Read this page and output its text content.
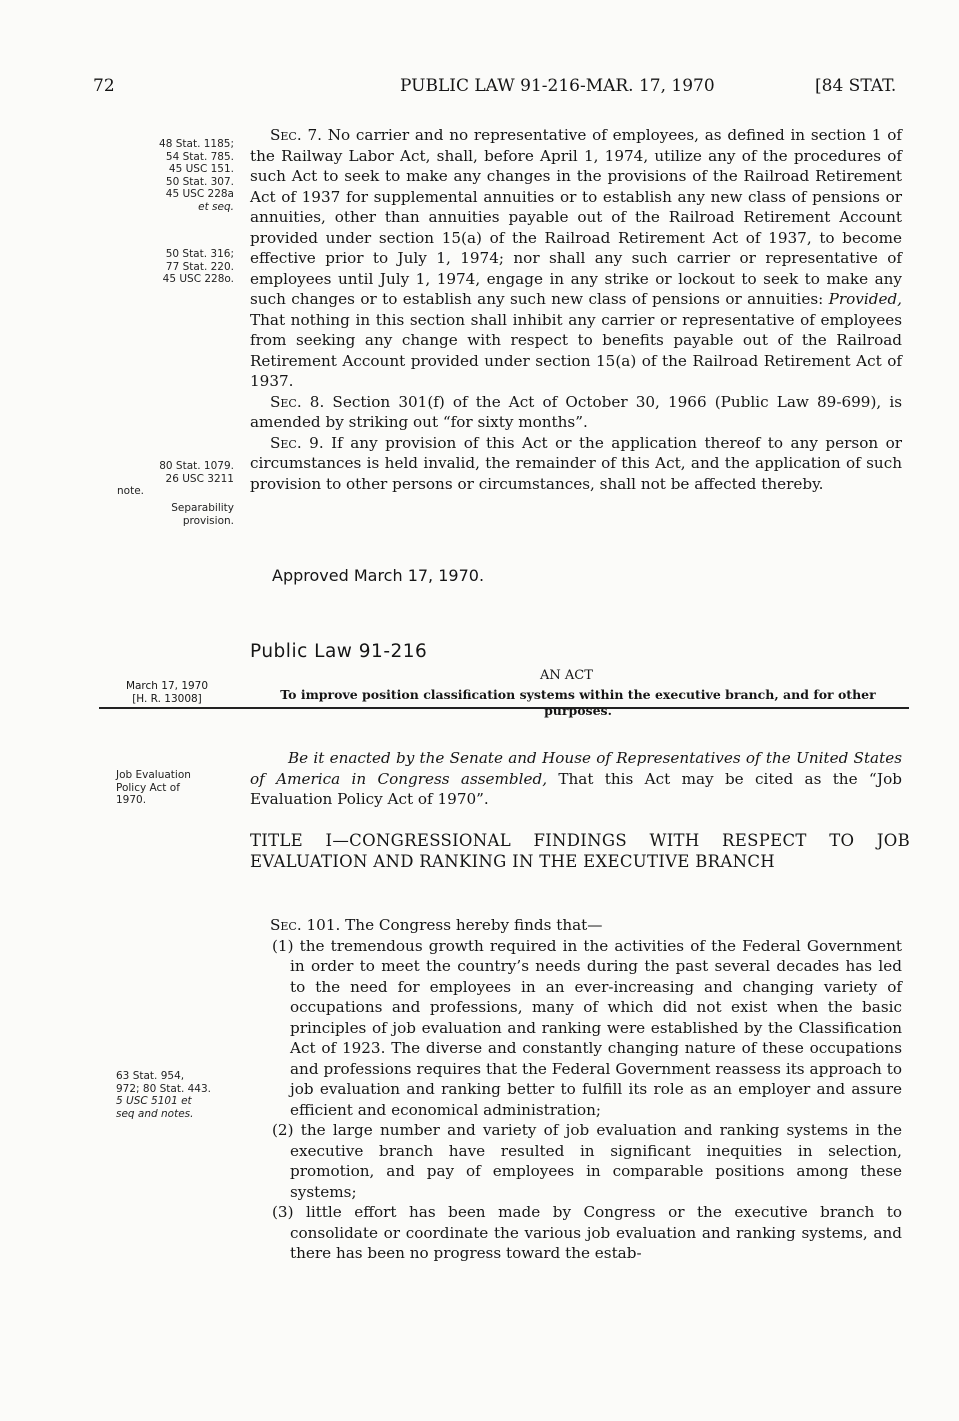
72	PUBLIC LAW 91-216-MAR. 17, 1970	[84 STAT.
48 Stat. 1185;
54 Stat. 785.
45 USC 151.
50 Stat. 307.
45 USC 228a
et seq.
50 Stat. 316;
77 Stat. 220.
45 USC 228o.
80 Stat. 1079.
26 USC 3211
note.
Separability
provision.
March 17, 1970
[H. R. 13008]
Job Evaluation
Policy Act of
1970.
63 Stat. 954,
972; 80 Stat. 443.
5 USC 5101 et
seq and notes.

Sec. 7. No carrier and no representative of employees, as defined in section 1 of the Railway Labor Act, shall, before April 1, 1974, utilize any of the procedures of such Act to seek to make any changes in the provisions of the Railroad Retirement Act of 1937 for supplemental annuities or to establish any new class of pensions or annuities, other than annuities payable out of the Railroad Retirement Account provided under section 15(a) of the Railroad Retirement Act of 1937, to become effective prior to July 1, 1974; nor shall any such carrier or representative of employees until July 1, 1974, engage in any strike or lockout to seek to make any such changes or to establish any such new class of pensions or annuities: Provided, That nothing in this section shall inhibit any carrier or representative of employees from seeking any change with respect to benefits payable out of the Railroad Retirement Account provided under section 15(a) of the Railroad Retirement Act of 1937.

Sec. 8. Section 301(f) of the Act of October 30, 1966 (Public Law 89-699), is amended by striking out “for sixty months”.

Sec. 9. If any provision of this Act or the application thereof to any person or circumstances is held invalid, the remainder of this Act, and the application of such provision to other persons or circumstances, shall not be affected thereby.

Approved March 17, 1970.
Public Law 91-216
AN ACT
To improve position classification systems within the executive branch, and for other purposes.

Be it enacted by the Senate and House of Representatives of the United States of America in Congress assembled, That this Act may be cited as the “Job Evaluation Policy Act of 1970”.

TITLE I—CONGRESSIONAL FINDINGS WITH RESPECT TO JOB EVALUATION AND RANKING IN THE EXECUTIVE BRANCH

Sec. 101. The Congress hereby finds that—

(1) the tremendous growth required in the activities of the Federal Government in order to meet the country’s needs during the past several decades has led to the need for employees in an ever-increasing and changing variety of occupations and professions, many of which did not exist when the basic principles of job evaluation and ranking were established by the Classification Act of 1923. The diverse and constantly changing nature of these occupations and professions requires that the Federal Government reassess its approach to job evaluation and ranking better to fulfill its role as an employer and assure efficient and economical administration;

(2) the large number and variety of job evaluation and ranking systems in the executive branch have resulted in significant inequities in selection, promotion, and pay of employees in comparable positions among these systems;

(3) little effort has been made by Congress or the executive branch to consolidate or coordinate the various job evaluation and ranking systems, and there has been no progress toward the estab-
